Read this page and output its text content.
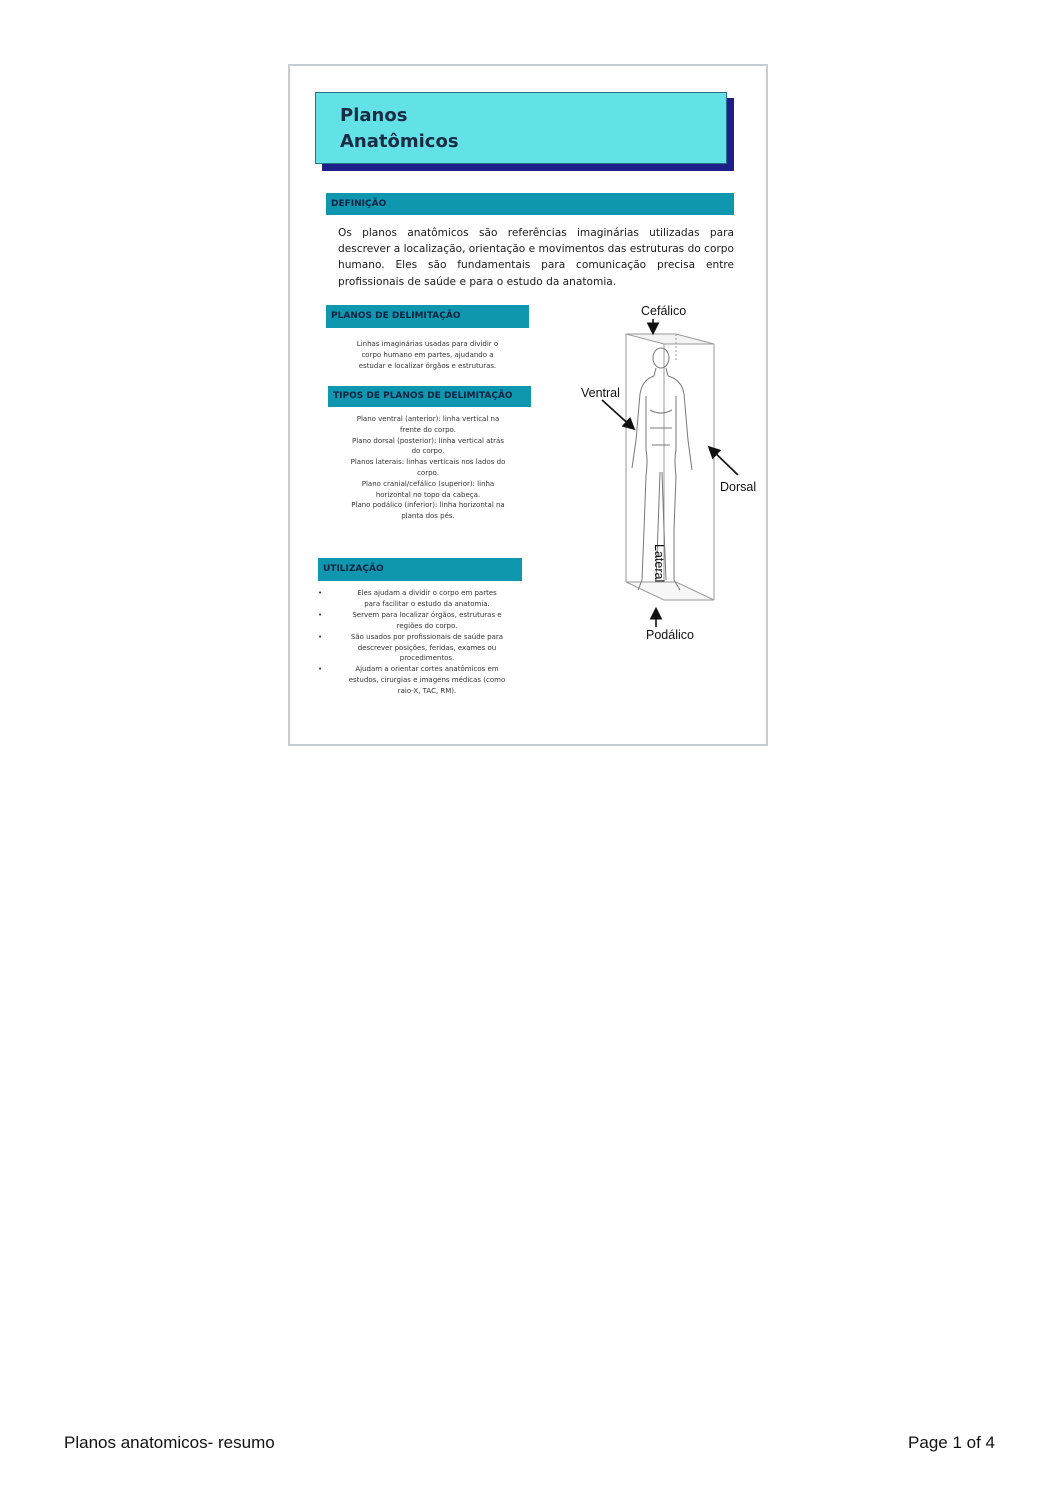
Planos
Anatômicos
DEFINIÇÃO
Os planos anatômicos são referências imaginárias utilizadas para descrever a localização, orientação e movimentos das estruturas do corpo humano. Eles são fundamentais para comunicação precisa entre profissionais de saúde e para o estudo da anatomia.
PLANOS DE DELIMITAÇÃO
Linhas imaginárias usadas para dividir o
corpo humano em partes, ajudando a
estudar e localizar órgãos e estruturas.
TIPOS DE PLANOS DE DELIMITAÇÃO
Plano ventral (anterior): linha vertical na
frente do corpo.
Plano dorsal (posterior): linha vertical atrás
do corpo.
Planos laterais: linhas verticais nos lados do
corpo.
Plano cranial/cefálico (superior): linha
horizontal no topo da cabeça.
Plano podálico (inferior): linha horizontal na
planta dos pés.
UTILIZAÇÃO
•	Eles ajudam a dividir o corpo em partes
para facilitar o estudo da anatomia.
•	Servem para localizar órgãos, estruturas e
regiões do corpo.
•	São usados por profissionais de saúde para
descrever posições, feridas, exames ou
procedimentos.
•	Ajudam a orientar cortes anatômicos em
estudos, cirurgias e imagens médicas (como
raio-X, TAC, RM).
Cefálico
Ventral
Dorsal
Lateral
Podálico
Planos anatomicos- resumo	Page 1 of 4
